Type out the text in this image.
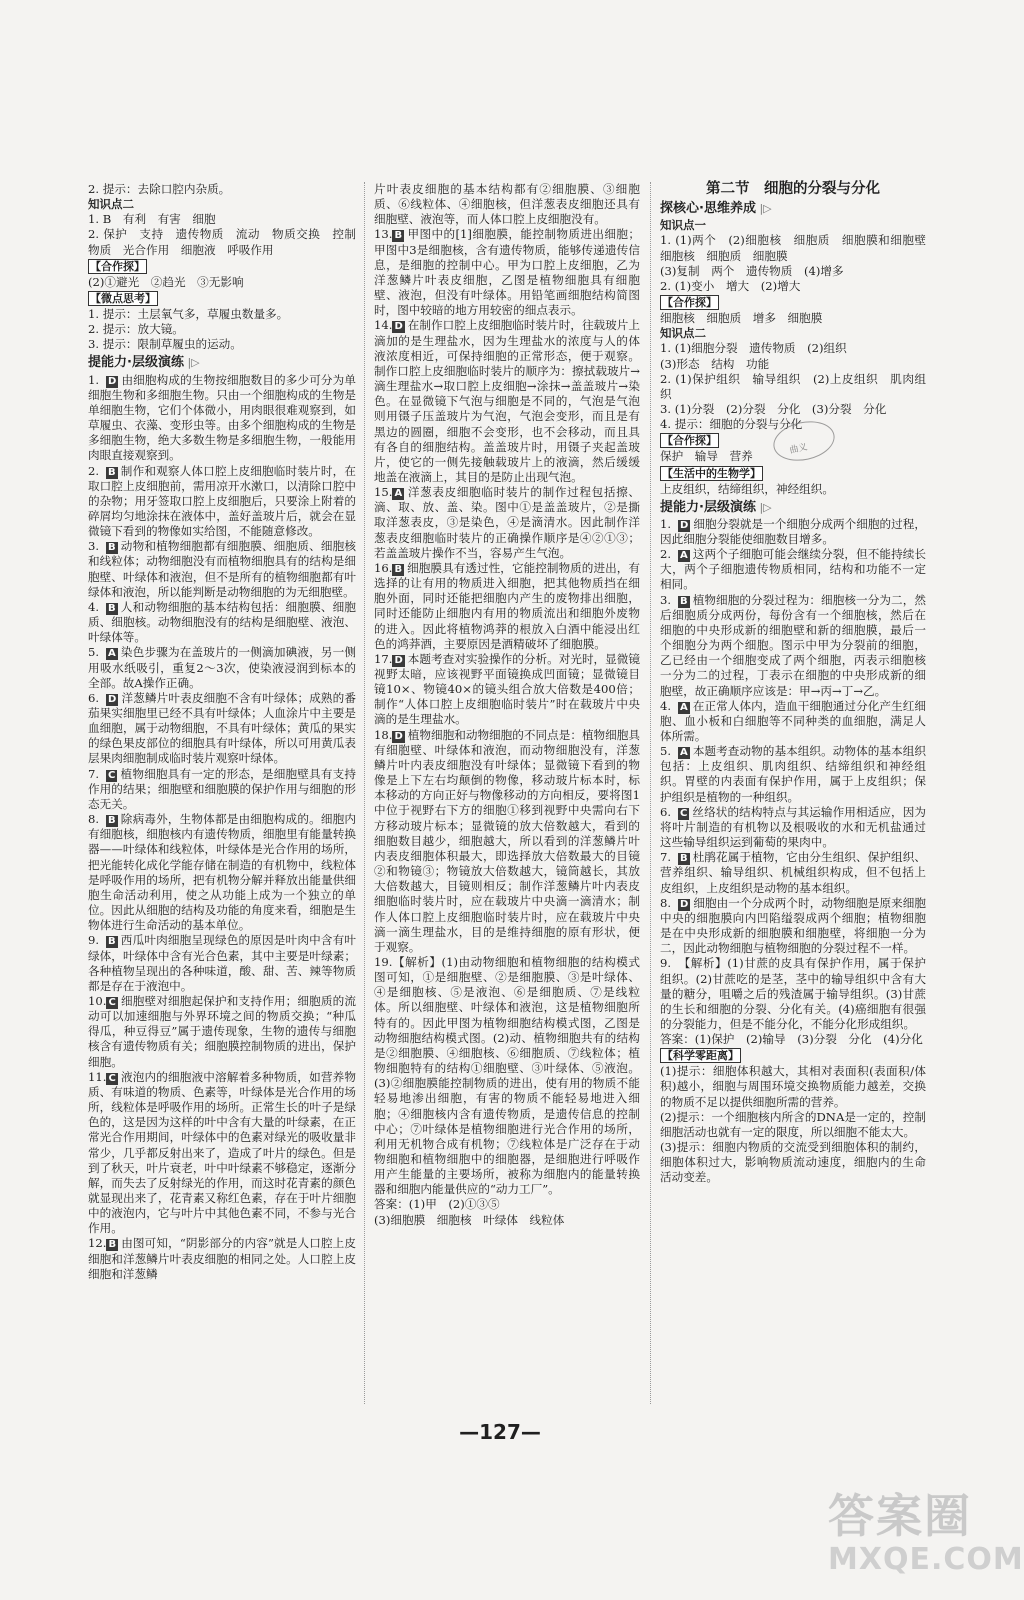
2. 提示：去除口腔内杂质。

知识点二

1. B　有利　有害　细胞

2. 保护　支持　遗传物质　流动　物质交换　控制物质　光合作用　细胞液　呼吸作用

【合作探】

(2)①避光　②趋光　③无影响

【微点思考】

1. 提示：土层氧气多，草履虫数量多。

2. 提示：放大镜。

3. 提示：限制草履虫的运动。

提能力·层级演练 |▷

1. D 由细胞构成的生物按细胞数目的多少可分为单细胞生物和多细胞生物。只由一个细胞构成的生物是单细胞生物，它们个体微小，用肉眼很难观察到，如草履虫、衣藻、变形虫等。由多个细胞构成的生物是多细胞生物，绝大多数生物是多细胞生物，一般能用肉眼直接观察到。

2. B 制作和观察人体口腔上皮细胞临时装片时，在取口腔上皮细胞前，需用凉开水漱口，以清除口腔中的杂物；用牙签取口腔上皮细胞后，只要涂上附着的碎屑均匀地涂抹在液体中，盖好盖玻片后，就会在显微镜下看到的物像如实给图，不能随意修改。

3. B 动物和植物细胞都有细胞膜、细胞质、细胞核和线粒体；动物细胞没有而植物细胞具有的结构是细胞壁、叶绿体和液泡，但不是所有的植物细胞都有叶绿体和液泡，所以能判断是动物细胞的为无细胞壁。

4. B 人和动物细胞的基本结构包括：细胞膜、细胞质、细胞核。动物细胞没有的结构是细胞壁、液泡、叶绿体等。

5. A 染色步骤为在盖玻片的一侧滴加碘液，另一侧用吸水纸吸引，重复2～3次，使染液浸润到标本的全部。故A操作正确。

6. D 洋葱鳞片叶表皮细胞不含有叶绿体；成熟的番茄果实细胞里已经不具有叶绿体；人血涂片中主要是血细胞，属于动物细胞，不具有叶绿体；黄瓜的果实的绿色果皮部位的细胞具有叶绿体，所以可用黄瓜表层果肉细胞制成临时装片观察叶绿体。

7. C 植物细胞具有一定的形态，是细胞壁具有支持作用的结果；细胞壁和细胞膜的保护作用与细胞的形态无关。

8. B 除病毒外，生物体都是由细胞构成的。细胞内有细胞核，细胞核内有遗传物质，细胞里有能量转换器——叶绿体和线粒体，叶绿体是光合作用的场所，把光能转化成化学能存储在制造的有机物中，线粒体是呼吸作用的场所，把有机物分解并释放出能量供细胞生命活动利用，使之从功能上成为一个独立的单位。因此从细胞的结构及功能的角度来看，细胞是生物体进行生命活动的基本单位。

9. B 西瓜叶肉细胞呈现绿色的原因是叶肉中含有叶绿体，叶绿体中含有光合色素，其中主要是叶绿素；各种植物呈现出的各种味道，酸、甜、苦、辣等物质都是存在于液泡中。

10. C 细胞壁对细胞起保护和支持作用；细胞质的流动可以加速细胞与外界环境之间的物质交换；“种瓜得瓜，种豆得豆”属于遗传现象，生物的遗传与细胞核含有遗传物质有关；细胞膜控制物质的进出，保护细胞。

11. C 液泡内的细胞液中溶解着多种物质，如营养物质、有味道的物质、色素等，叶绿体是光合作用的场所，线粒体是呼吸作用的场所。正常生长的叶子是绿色的，这是因为这样的叶中含有大量的叶绿素，在正常光合作用期间，叶绿体中的色素对绿光的吸收量非常少，几乎都反射出来了，造成了叶片的绿色。但是到了秋天，叶片衰老，叶中叶绿素不够稳定，逐渐分解，而失去了反射绿光的作用，而这时花青素的颜色就显现出来了，花青素又称红色素，存在于叶片细胞中的液泡内，它与叶片中其他色素不同，不参与光合作用。

12. B 由图可知，“阴影部分的内容”就是人口腔上皮细胞和洋葱鳞片叶表皮细胞的相同之处。人口腔上皮细胞和洋葱鳞

片叶表皮细胞的基本结构都有②细胞膜、③细胞质、⑥线粒体、④细胞核，但洋葱表皮细胞还具有细胞壁、液泡等，而人体口腔上皮细胞没有。

13. B 甲图中的[1]细胞膜，能控制物质进出细胞；甲图中3是细胞核，含有遗传物质，能够传递遗传信息，是细胞的控制中心。甲为口腔上皮细胞，乙为洋葱鳞片叶表皮细胞，乙图是植物细胞具有细胞壁、液泡，但没有叶绿体。用铅笔画细胞结构简图时，图中较暗的地方用较密的细点表示。

14. D 在制作口腔上皮细胞临时装片时，往载玻片上滴加的是生理盐水，因为生理盐水的浓度与人的体液浓度相近，可保持细胞的正常形态，便于观察。制作口腔上皮细胞临时装片的顺序为：擦拭载玻片→滴生理盐水→取口腔上皮细胞→涂抹→盖盖玻片→染色。在显微镜下气泡与细胞是不同的，气泡是气泡则用镊子压盖玻片为气泡，气泡会变形，而且是有黑边的圆圈，细胞不会变形，也不会移动，而且具有各自的细胞结构。盖盖玻片时，用镊子夹起盖玻片，使它的一侧先接触载玻片上的液滴，然后缓缓地盖在液滴上，其目的是防止出现气泡。

15. A 洋葱表皮细胞临时装片的制作过程包括擦、滴、取、放、盖、染。图中①是盖盖玻片，②是撕取洋葱表皮，③是染色，④是滴清水。因此制作洋葱表皮细胞临时装片的正确操作顺序是④②①③；若盖盖玻片操作不当，容易产生气泡。

16. B 细胞膜具有透过性，它能控制物质的进出，有选择的让有用的物质进入细胞，把其他物质挡在细胞外面，同时还能把细胞内产生的废物排出细胞，同时还能防止细胞内有用的物质流出和细胞外废物的进入。因此将植物鸿莽的根放入白酒中能浸出红色的鸿莽酒，主要原因是酒精破坏了细胞膜。

17. D 本题考查对实验操作的分析。对光时，显微镜视野太暗，应该视野平面镜换成凹面镜；显微镜目镜10×、物镜40×的镜头组合放大倍数是400倍；制作“人体口腔上皮细胞临时装片”时在载玻片中央滴的是生理盐水。

18. D 植物细胞和动物细胞的不同点是：植物细胞具有细胞壁、叶绿体和液泡，而动物细胞没有，洋葱鳞片叶内表皮细胞没有叶绿体；显微镜下看到的物像是上下左右均颠倒的物像，移动玻片标本时，标本移动的方向正好与物像移动的方向相反，要将图1中位于视野右下方的细胞①移到视野中央需向右下方移动玻片标本；显微镜的放大倍数越大，看到的细胞数目越少，细胞越大，所以看到的洋葱鳞片叶内表皮细胞体积最大，即选择放大倍数最大的目镜②和物镜③；物镜放大倍数越大，镜筒越长，其放大倍数越大，目镜则相反；制作洋葱鳞片叶内表皮细胞临时装片时，应在载玻片中央滴一滴清水；制作人体口腔上皮细胞临时装片时，应在载玻片中央滴一滴生理盐水，目的是维持细胞的原有形状，便于观察。

19.【解析】(1)由动物细胞和植物细胞的结构模式图可知，①是细胞壁、②是细胞膜、③是叶绿体、④是细胞核、⑤是液泡、⑥是细胞质、⑦是线粒体。所以细胞壁、叶绿体和液泡，这是植物细胞所特有的。因此甲图为植物细胞结构模式图，乙图是动物细胞结构模式图。(2)动、植物细胞共有的结构是②细胞膜、④细胞核、⑥细胞质、⑦线粒体；植物细胞特有的结构①细胞壁、③叶绿体、⑤液泡。(3)②细胞膜能控制物质的进出，使有用的物质不能轻易地渗出细胞，有害的物质不能轻易地进入细胞；④细胞核内含有遗传物质，是遗传信息的控制中心；⑦叶绿体是植物细胞进行光合作用的场所，利用无机物合成有机物；⑦线粒体是广泛存在于动物细胞和植物细胞中的细胞器，是细胞进行呼吸作用产生能量的主要场所，被称为细胞内的能量转换器和细胞内能量供应的“动力工厂”。

答案：(1)甲　(2)①③⑤

(3)细胞膜　细胞核　叶绿体　线粒体

第二节　细胞的分裂与分化
探核心·思维养成 |▷

知识点一

1. (1)两个　(2)细胞核　细胞质　细胞膜和细胞壁　细胞核　细胞质　细胞膜

(3)复制　两个　遗传物质　(4)增多

2. (1)变小　增大　(2)增大

【合作探】

细胞核　细胞质　增多　细胞膜

知识点二

1. (1)细胞分裂　遗传物质　(2)组织

(3)形态　结构　功能

2. (1)保护组织　输导组织　(2)上皮组织　肌肉组织

3. (1)分裂　(2)分裂　分化　(3)分裂　分化

4. 提示：细胞的分裂与分化

【合作探】

保护　输导　营养

【生活中的生物学】

上皮组织，结缔组织，神经组织。

提能力·层级演练 |▷

1. D 细胞分裂就是一个细胞分成两个细胞的过程，因此细胞分裂能使细胞数目增多。

2. A 这两个子细胞可能会继续分裂，但不能持续长大，两个子细胞遗传物质相同，结构和功能不一定相同。

3. B 植物细胞的分裂过程为：细胞核一分为二，然后细胞质分成两份，每份含有一个细胞核，然后在细胞的中央形成新的细胞壁和新的细胞膜，最后一个细胞分为两个细胞。图示中甲为分裂前的细胞，乙已经由一个细胞变成了两个细胞，丙表示细胞核一分为二的过程，丁表示在细胞的中央形成新的细胞壁，故正确顺序应该是：甲→丙→丁→乙。

4. A 在正常人体内，造血干细胞通过分化产生红细胞、血小板和白细胞等不同种类的血细胞，满足人体所需。

5. A 本题考查动物的基本组织。动物体的基本组织包括：上皮组织、肌肉组织、结缔组织和神经组织。胃壁的内表面有保护作用，属于上皮组织；保护组织是植物的一种组织。

6. C 丝络状的结构特点与其运输作用相适应，因为将叶片制造的有机物以及根吸收的水和无机盐通过这些输导组织运到葡萄的果肉中。

7. B 杜鹃花属于植物，它由分生组织、保护组织、营养组织、输导组织、机械组织构成，但不包括上皮组织，上皮组织是动物的基本组织。

8. D 细胞由一个分成两个时，动物细胞是原来细胞中央的细胞膜向内凹陷缢裂成两个细胞；植物细胞是在中央形成新的细胞膜和细胞壁，将细胞一分为二，因此动物细胞与植物细胞的分裂过程不一样。

9. 【解析】(1)甘蔗的皮具有保护作用，属于保护组织。(2)甘蔗吃的是茎，茎中的输导组织中含有大量的糖分，咀嚼之后的残渣属于输导组织。(3)甘蔗的生长和细胞的分裂、分化有关。(4)癌细胞有很强的分裂能力，但是不能分化，不能分化形成组织。

答案：(1)保护　(2)输导　(3)分裂　分化　(4)分化

【科学零距离】

(1)提示：细胞体积越大，其相对表面积(表面积/体积)越小，细胞与周围环境交换物质能力越差，交换的物质不足以提供细胞所需的营养。

(2)提示：一个细胞核内所含的DNA是一定的，控制细胞活动也就有一定的限度，所以细胞不能太大。

(3)提示：细胞内物质的交流受到细胞体积的制约，细胞体积过大，影响物质流动速度，细胞内的生命活动变差。

曲义
—127—
答案圈
MXQE.COM
